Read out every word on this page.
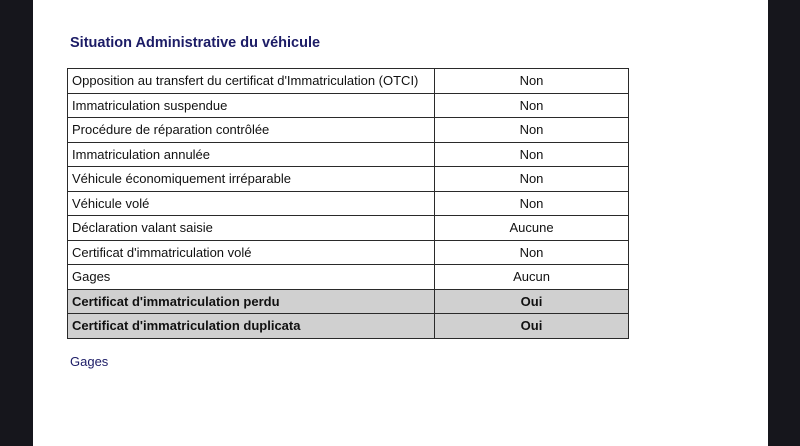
Situation Administrative du véhicule
Opposition au transfert du certificat d'Immatriculation (OTCI)	Non
Immatriculation suspendue	Non
Procédure de réparation contrôlée	Non
Immatriculation annulée	Non
Véhicule économiquement irréparable	Non
Véhicule volé	Non
Déclaration valant saisie	Aucune
Certificat d'immatriculation volé	Non
Gages	Aucun
Certificat d'immatriculation perdu	Oui
Certificat d'immatriculation duplicata	Oui
Gages
